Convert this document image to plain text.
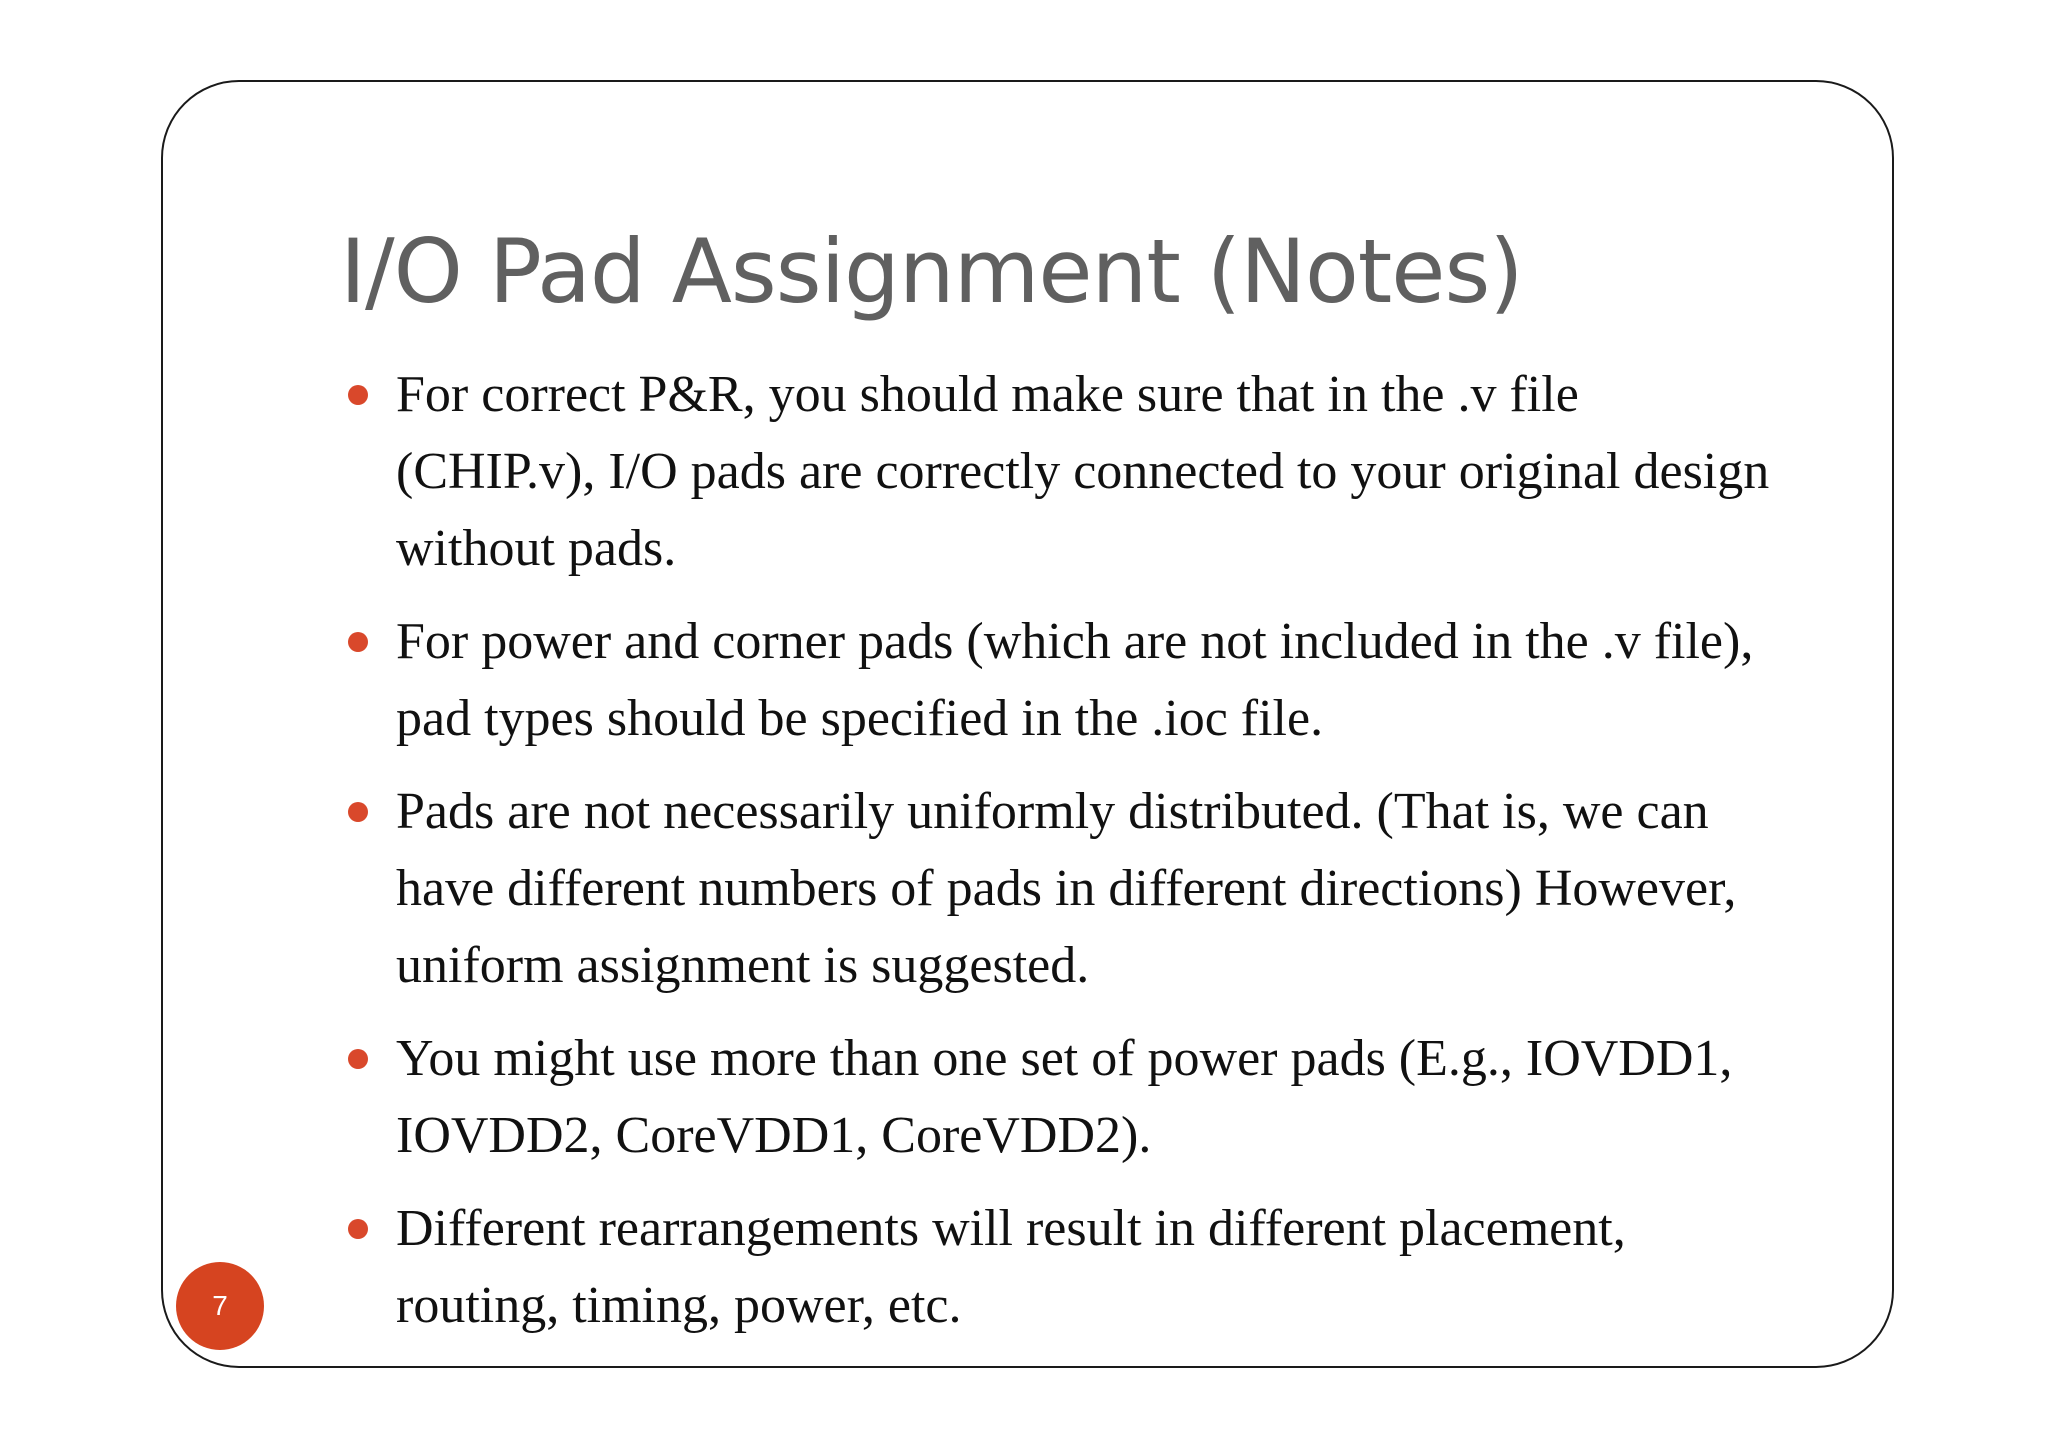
I/O Pad Assignment (Notes)
For correct P&R, you should make sure that in the .v file (CHIP.v), I/O pads are correctly connected to your original design without pads.
For power and corner pads (which are not included in the .v file), pad types should be specified in the .ioc file.
Pads are not necessarily uniformly distributed. (That is, we can have different numbers of pads in different directions) However, uniform assignment is suggested.
You might use more than one set of power pads (E.g., IOVDD1, IOVDD2, CoreVDD1, CoreVDD2).
Different rearrangements will result in different placement, routing, timing, power, etc.
7
